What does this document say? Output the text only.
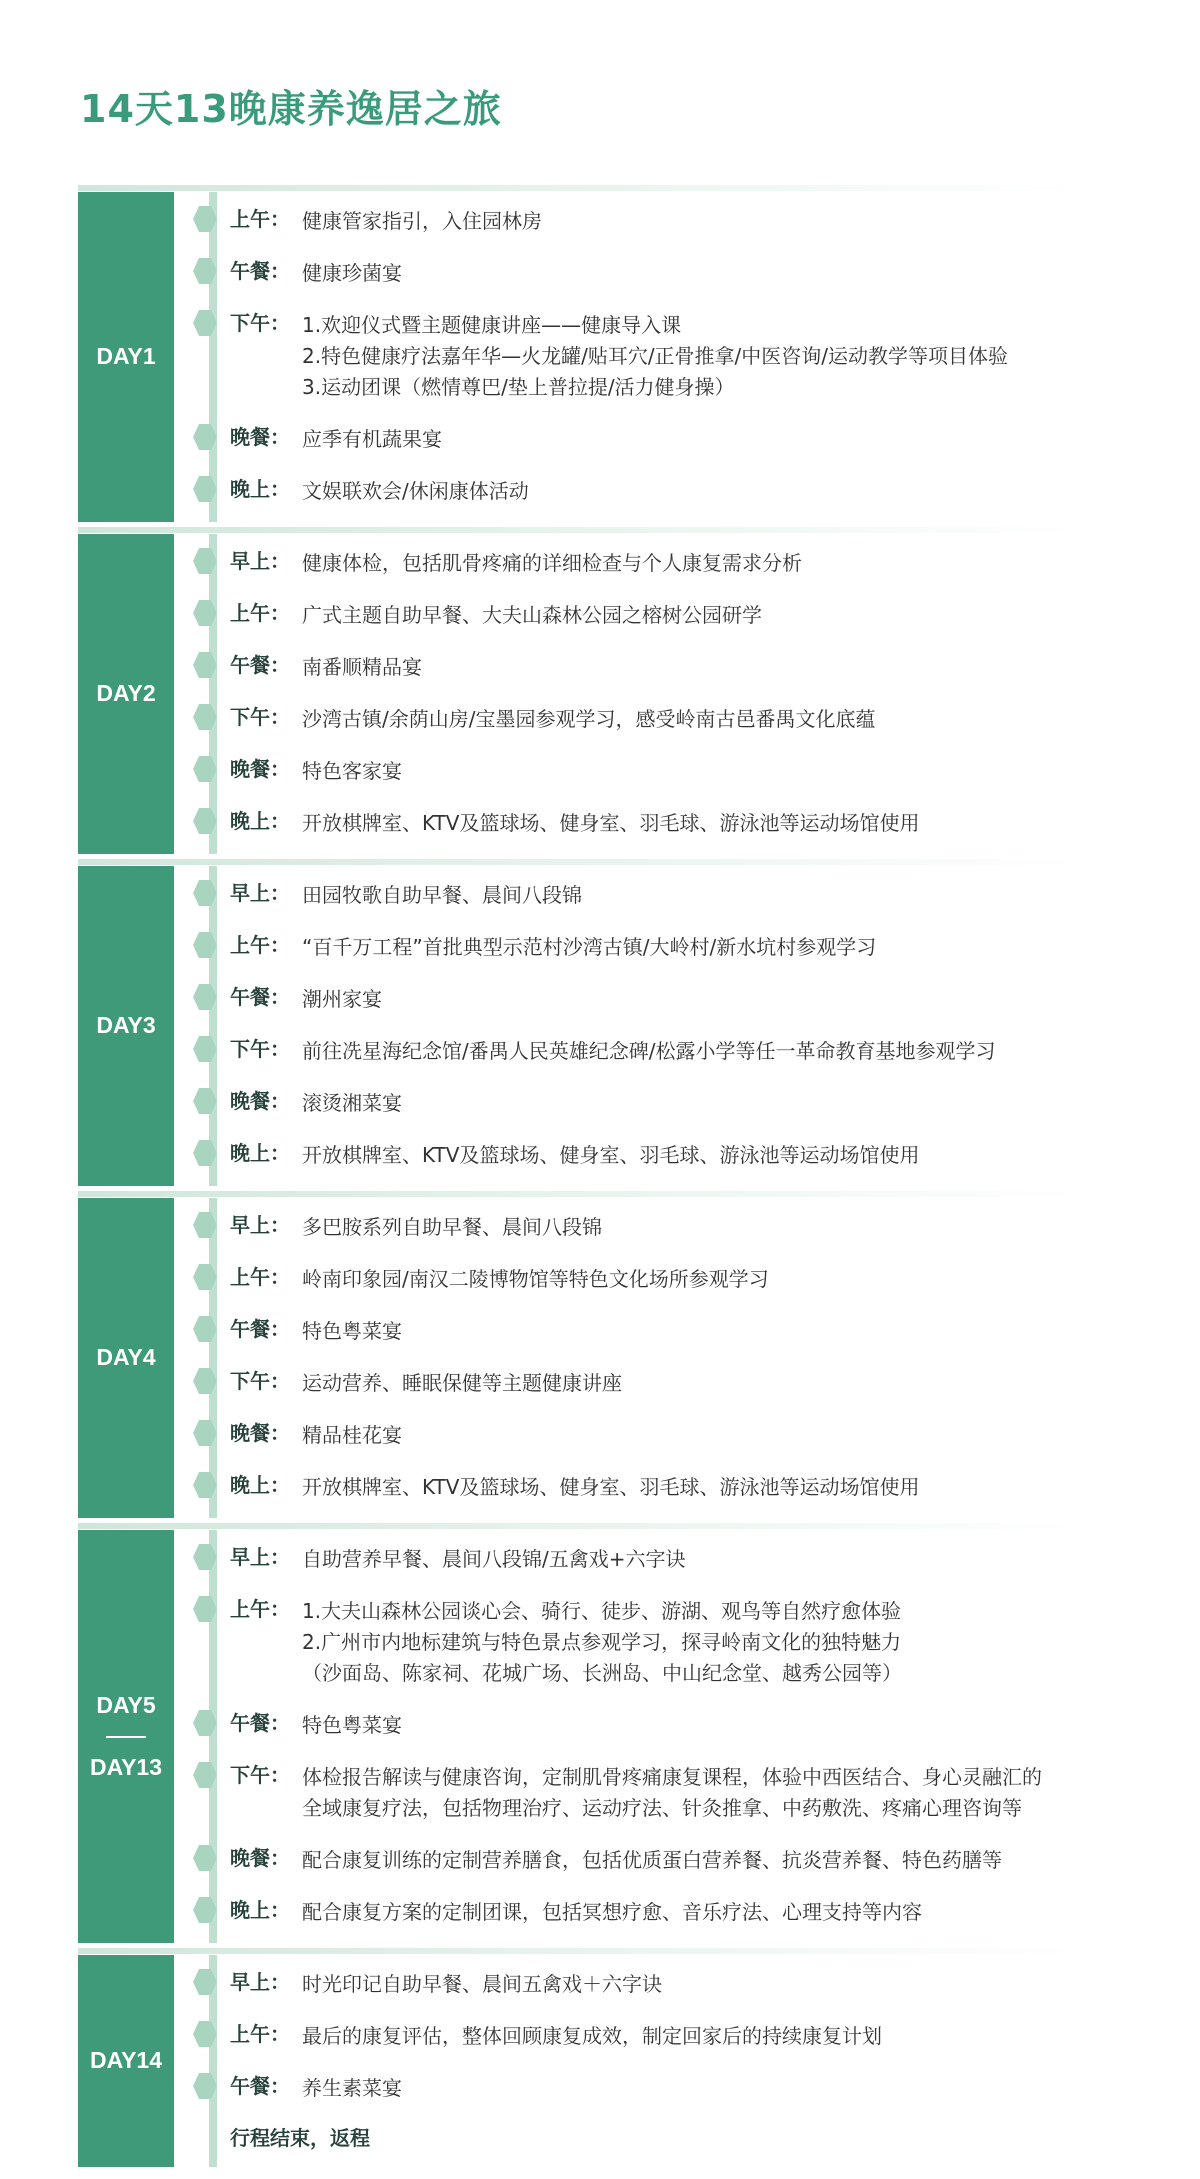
14天13晚康养逸居之旅
DAY1
上午： 健康管家指引，入住园林房
午餐： 健康珍菌宴
下午： 1.欢迎仪式暨主题健康讲座——健康导入课
2.特色健康疗法嘉年华—火龙罐/贴耳穴/正骨推拿/中医咨询/运动教学等项目体验
3.运动团课（燃情尊巴/垫上普拉提/活力健身操）
晚餐： 应季有机蔬果宴
晚上： 文娱联欢会/休闲康体活动
DAY2
早上： 健康体检，包括肌骨疼痛的详细检查与个人康复需求分析
上午： 广式主题自助早餐、大夫山森林公园之榕树公园研学
午餐： 南番顺精品宴
下午： 沙湾古镇/余荫山房/宝墨园参观学习，感受岭南古邑番禺文化底蕴
晚餐： 特色客家宴
晚上： 开放棋牌室、KTV及篮球场、健身室、羽毛球、游泳池等运动场馆使用
DAY3
早上： 田园牧歌自助早餐、晨间八段锦
上午： “百千万工程”首批典型示范村沙湾古镇/大岭村/新水坑村参观学习
午餐： 潮州家宴
下午： 前往冼星海纪念馆/番禺人民英雄纪念碑/松露小学等任一革命教育基地参观学习
晚餐： 滚烫湘菜宴
晚上： 开放棋牌室、KTV及篮球场、健身室、羽毛球、游泳池等运动场馆使用
DAY4
早上： 多巴胺系列自助早餐、晨间八段锦
上午： 岭南印象园/南汉二陵博物馆等特色文化场所参观学习
午餐： 特色粤菜宴
下午： 运动营养、睡眠保健等主题健康讲座
晚餐： 精品桂花宴
晚上： 开放棋牌室、KTV及篮球场、健身室、羽毛球、游泳池等运动场馆使用
DAY5
DAY13
早上： 自助营养早餐、晨间八段锦/五禽戏+六字诀
上午： 1.大夫山森林公园谈心会、骑行、徒步、游湖、观鸟等自然疗愈体验
2.广州市内地标建筑与特色景点参观学习，探寻岭南文化的独特魅力
（沙面岛、陈家祠、花城广场、长洲岛、中山纪念堂、越秀公园等）
午餐： 特色粤菜宴
下午： 体检报告解读与健康咨询，定制肌骨疼痛康复课程，体验中西医结合、身心灵融汇的
全域康复疗法，包括物理治疗、运动疗法、针灸推拿、中药敷洗、疼痛心理咨询等
晚餐： 配合康复训练的定制营养膳食，包括优质蛋白营养餐、抗炎营养餐、特色药膳等
晚上： 配合康复方案的定制团课，包括冥想疗愈、音乐疗法、心理支持等内容
DAY14
早上： 时光印记自助早餐、晨间五禽戏＋六字诀
上午： 最后的康复评估，整体回顾康复成效，制定回家后的持续康复计划
午餐： 养生素菜宴
行程结束，返程
